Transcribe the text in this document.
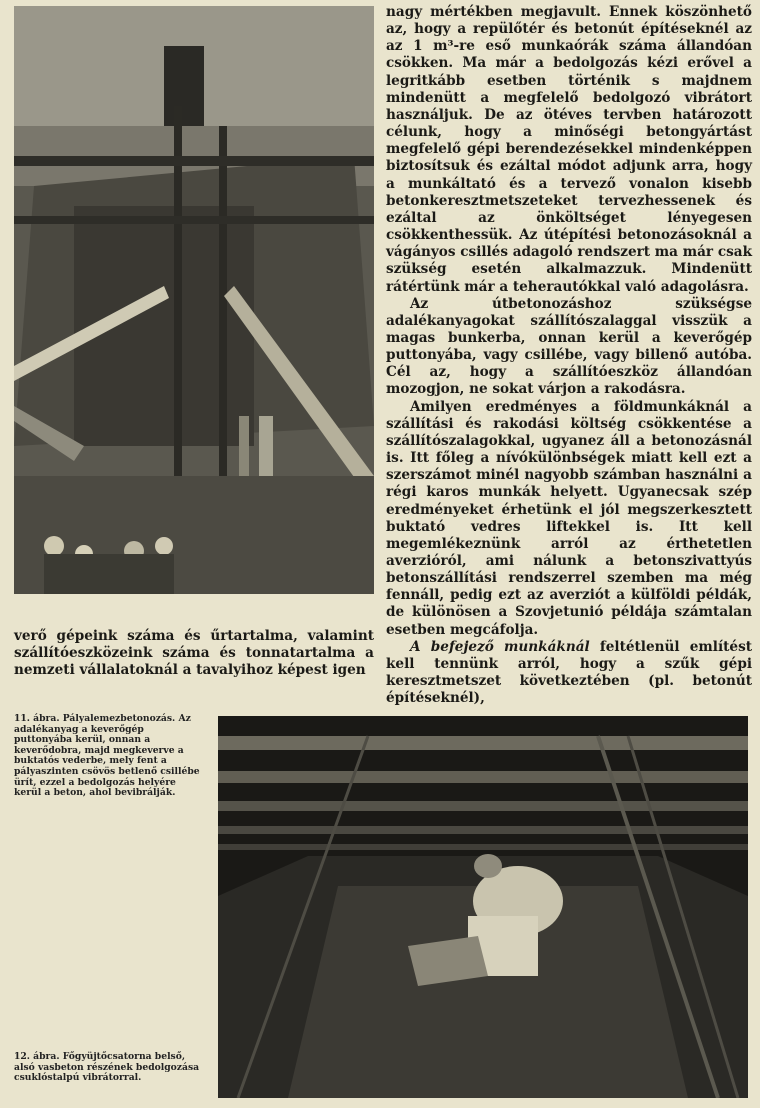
nagy mértékben megjavult. Ennek köszönhető az, hogy a repülőtér és betonút építéseknél az az 1 m³-re eső munkaórák száma állandóan csökken. Ma már a bedolgozás kézi erővel a legritkább esetben történik s majdnem mindenütt a megfelelő bedolgozó vibrátort használjuk. De az ötéves tervben határozott célunk, hogy a minőségi betongyártást megfelelő gépi berendezésekkel mindenképpen biztosítsuk és ezáltal módot adjunk arra, hogy a munkáltató és a tervező vonalon kisebb betonkeresztmetszeteket tervezhessenek és ezáltal az önköltséget lényegesen csökkenthessük. Az útépítési betonozásoknál a vágányos csillés adagoló rendszert ma már csak szükség esetén alkalmazzuk. Mindenütt rátértünk már a teherautókkal való adagolásra.

Az útbetonozáshoz szükségse adalékanyagokat szállítószalaggal visszük a magas bunkerba, onnan kerül a keverőgép puttonyába, vagy csillébe, vagy billenő autóba. Cél az, hogy a szállítóeszköz állandóan mozogjon, ne sokat várjon a rakodásra.

Amilyen eredményes a földmunkáknál a szállítási és rakodási költség csökkentése a szállítószalagokkal, ugyanez áll a betonozásnál is. Itt főleg a nívókülönbségek miatt kell ezt a szerszámot minél nagyobb számban használni a régi karos munkák helyett. Ugyanecsak szép eredményeket érhetünk el jól megszerkesztett buktató vedres liftekkel is. Itt kell megemlékeznünk arról az érthetetlen averzióról, ami nálunk a betonszivattyús betonszállítási rendszerrel szemben ma még fennáll, pedig ezt az averziót a külföldi példák, de különösen a Szovjetunió példája számtalan esetben megcáfolja.

A befejező munkáknál feltétlenül említést kell tennünk arról, hogy a szűk gépi keresztmetszet következtében (pl. betonút építéseknél),

verő gépeink száma és űrtartalma, valamint szállítóeszközeink száma és tonnatartalma a nemzeti vállalatoknál a tavalyihoz képest igen
11. ábra. Pályalemezbetonozás. Az adalékanyag a keverőgép puttonyába kerül, onnan a keverődobra, majd megkeverve a buktatós vederbe, mely fent a pályaszinten csövös betlenő csillébe ürít, ezzel a bedolgozás helyére kerül a beton, ahol bevibrálják.
12. ábra. Főgyüjtőcsatorna belső, alsó vasbeton részének bedolgozása csuklóstalpú vibrátorral.
